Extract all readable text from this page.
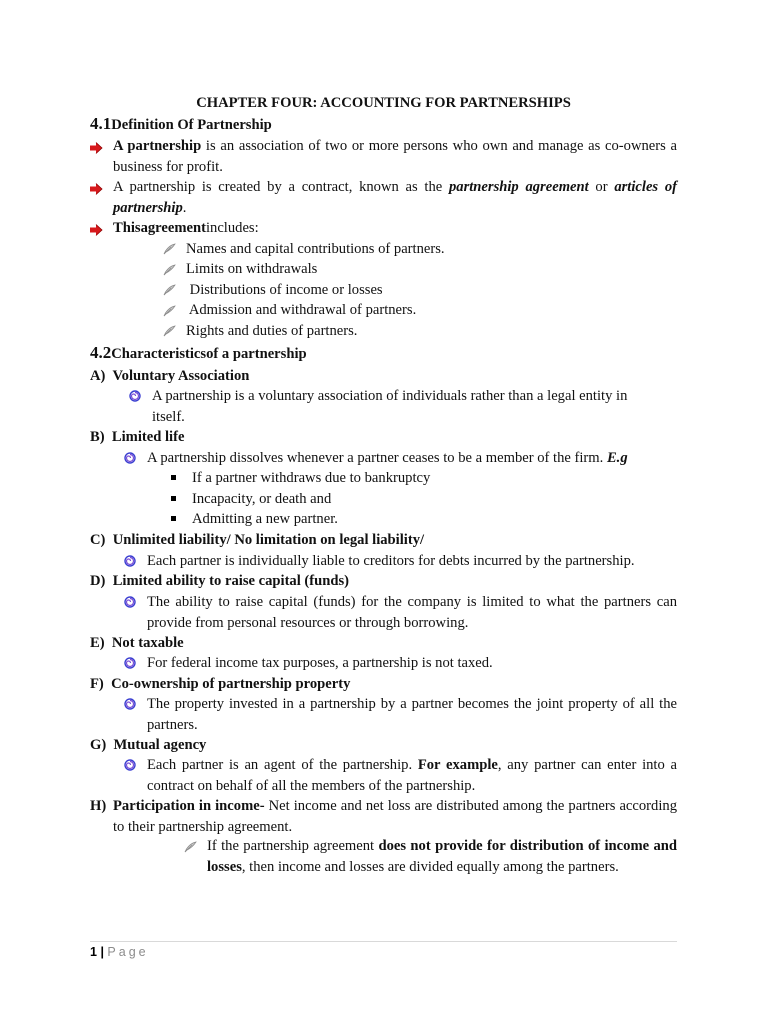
CHAPTER FOUR: ACCOUNTING FOR PARTNERSHIPS
4.1Definition Of Partnership
A partnership is an association of two or more persons who own and manage as co-owners a business for profit.
A partnership is created by a contract, known as the partnership agreement or articles of partnership.
Thisagreementincludes:
Names and capital contributions of partners.
Limits on withdrawals
Distributions of income or losses
Admission and withdrawal of partners.
Rights and duties of partners.
4.2Characteristicsof a partnership
A) Voluntary Association
A partnership is a voluntary association of individuals rather than a legal entity in itself.
B) Limited life
A partnership dissolves whenever a partner ceases to be a member of the firm. E.g
If a partner withdraws due to bankruptcy
Incapacity, or death and
Admitting a new partner.
C) Unlimited liability/ No limitation on legal liability/
Each partner is individually liable to creditors for debts incurred by the partnership.
D) Limited ability to raise capital (funds)
The ability to raise capital (funds) for the company is limited to what the partners can provide from personal resources or through borrowing.
E) Not taxable
For federal income tax purposes, a partnership is not taxed.
F) Co-ownership of partnership property
The property invested in a partnership by a partner becomes the joint property of all the partners.
G) Mutual agency
Each partner is an agent of the partnership. For example, any partner can enter into a contract on behalf of all the members of the partnership.
H) Participation in income- Net income and net loss are distributed among the partners according to their partnership agreement.
If the partnership agreement does not provide for distribution of income and losses, then income and losses are divided equally among the partners.
1 | Page
